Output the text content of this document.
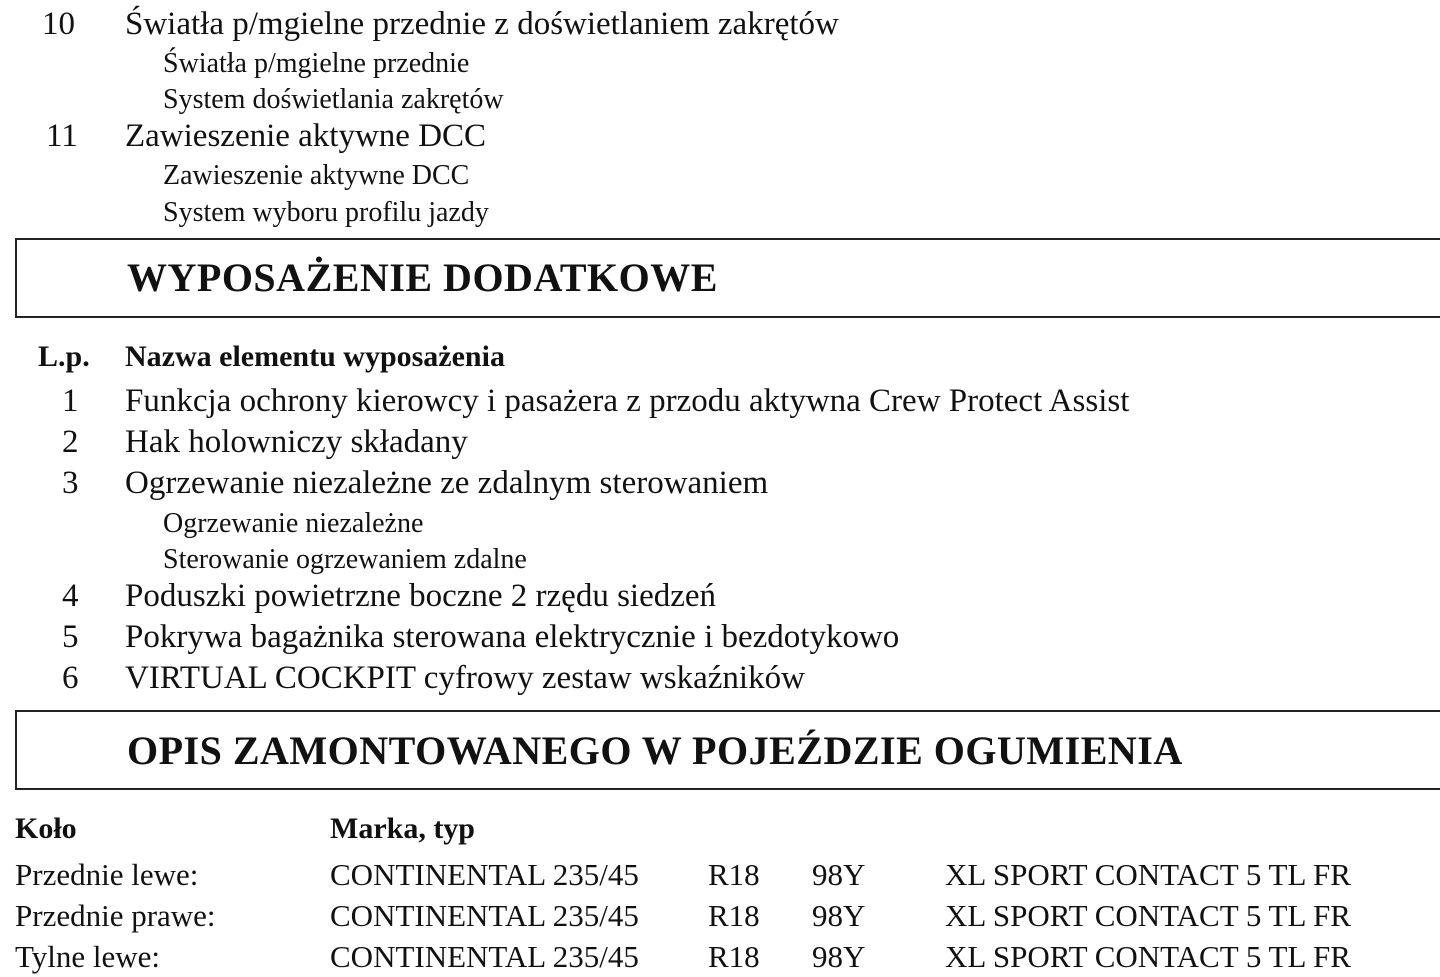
10 Światła p/mgielne przednie z doświetlaniem zakrętów
Światła p/mgielne przednie
System doświetlania zakrętów
11 Zawieszenie aktywne DCC
Zawieszenie aktywne DCC
System wyboru profilu jazdy
WYPOSAŻENIE DODATKOWE
L.p. Nazwa elementu wyposażenia
1 Funkcja ochrony kierowcy i pasażera z przodu aktywna Crew Protect Assist
2 Hak holowniczy składany
3 Ogrzewanie niezależne ze zdalnym sterowaniem
Ogrzewanie niezależne
Sterowanie ogrzewaniem zdalne
4 Poduszki powietrzne boczne 2 rzędu siedzeń
5 Pokrywa bagażnika sterowana elektrycznie i bezdotykowo
6 VIRTUAL COCKPIT cyfrowy zestaw wskaźników
OPIS ZAMONTOWANEGO W POJEŹDZIE OGUMIENIA
Koło	Marka, typ
Przednie lewe:	CONTINENTAL 235/45 R18 98Y	XL SPORT CONTACT 5 TL FR
Przednie prawe:	CONTINENTAL 235/45 R18 98Y	XL SPORT CONTACT 5 TL FR
Tylne lewe:	CONTINENTAL 235/45 R18 98Y	XL SPORT CONTACT 5 TL FR
